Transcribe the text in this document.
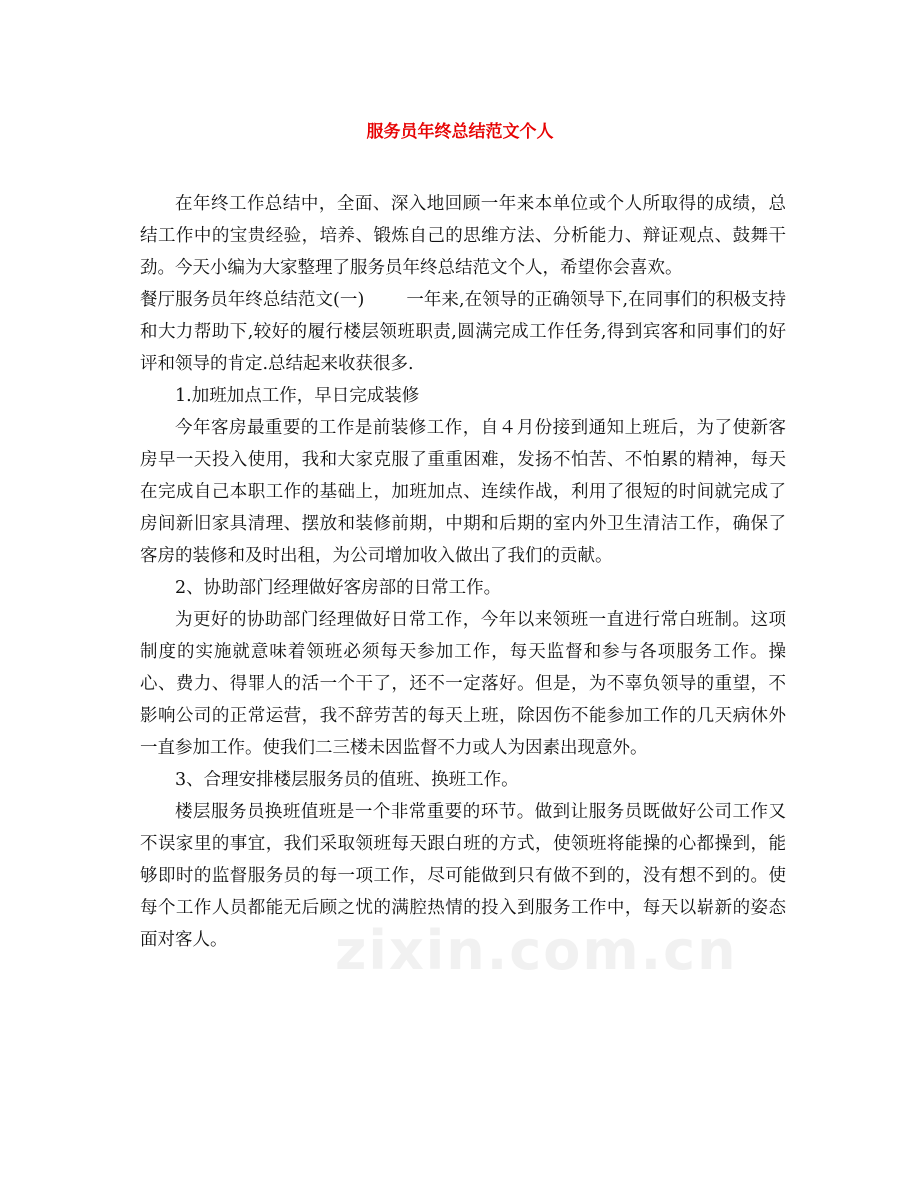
服务员年终总结范文个人

在年终工作总结中，全面、深入地回顾一年来本单位或个人所取得的成绩，总结工作中的宝贵经验，培养、锻炼自己的思维方法、分析能力、辩证观点、鼓舞干劲。今天小编为大家整理了服务员年终总结范文个人，希望你会喜欢。

餐厅服务员年终总结范文(一) 一年来,在领导的正确领导下,在同事们的积极支持和大力帮助下,较好的履行楼层领班职责,圆满完成工作任务,得到宾客和同事们的好评和领导的肯定.总结起来收获很多.

1.加班加点工作，早日完成装修

今年客房最重要的工作是前装修工作，自４月份接到通知上班后，为了使新客房早一天投入使用，我和大家克服了重重困难，发扬不怕苦、不怕累的精神，每天在完成自己本职工作的基础上，加班加点、连续作战，利用了很短的时间就完成了房间新旧家具清理、摆放和装修前期，中期和后期的室内外卫生清洁工作，确保了客房的装修和及时出租，为公司增加收入做出了我们的贡献。

2、协助部门经理做好客房部的日常工作。

为更好的协助部门经理做好日常工作，今年以来领班一直进行常白班制。这项制度的实施就意味着领班必须每天参加工作，每天监督和参与各项服务工作。操心、费力、得罪人的活一个干了，还不一定落好。但是，为不辜负领导的重望，不影响公司的正常运营，我不辞劳苦的每天上班，除因伤不能参加工作的几天病休外一直参加工作。使我们二三楼未因监督不力或人为因素出现意外。

3、合理安排楼层服务员的值班、换班工作。

楼层服务员换班值班是一个非常重要的环节。做到让服务员既做好公司工作又不误家里的事宜，我们采取领班每天跟白班的方式，使领班将能操的心都操到，能够即时的监督服务员的每一项工作，尽可能做到只有做不到的，没有想不到的。使每个工作人员都能无后顾之忧的满腔热情的投入到服务工作中，每天以崭新的姿态面对客人。	zixin.com.cn
